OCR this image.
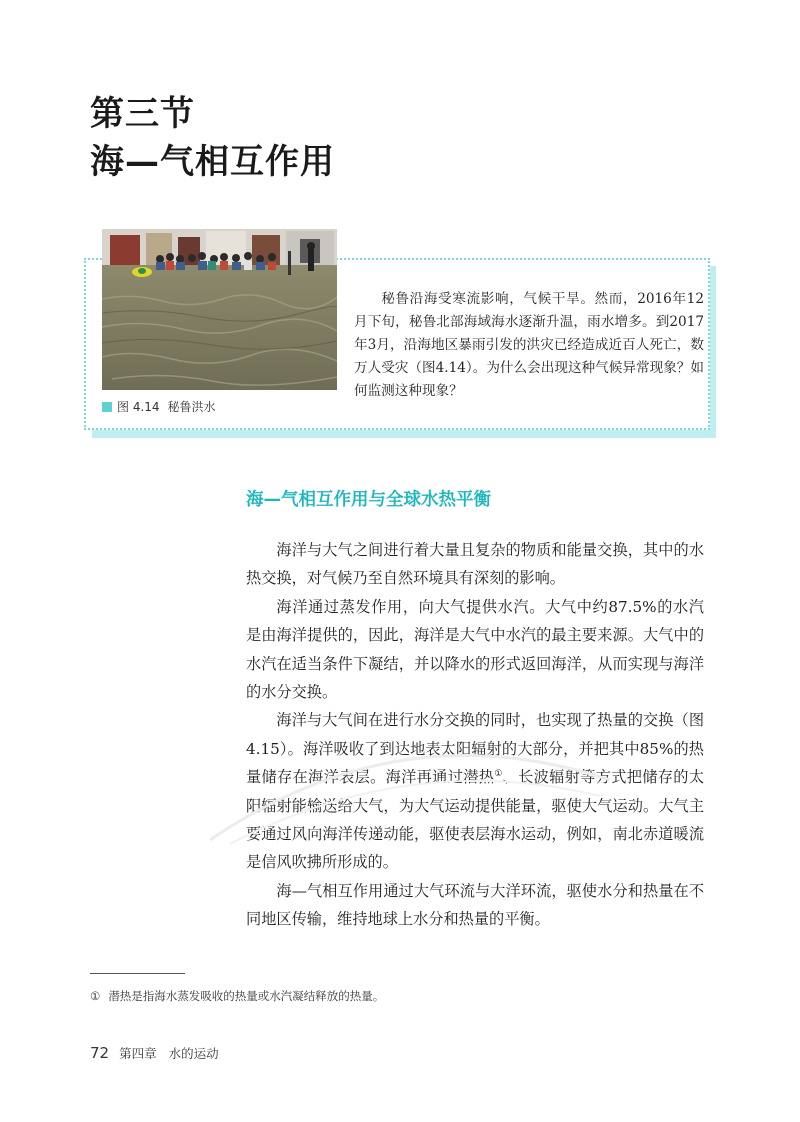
第三节
海—气相互作用
图 4.14 秘鲁洪水
秘鲁沿海受寒流影响，气候干旱。然而，2016年12月下旬，秘鲁北部海域海水逐渐升温，雨水增多。到2017年3月，沿海地区暴雨引发的洪灾已经造成近百人死亡，数万人受灾（图4.14）。为什么会出现这种气候异常现象？如何监测这种现象？
海—气相互作用与全球水热平衡

海洋与大气之间进行着大量且复杂的物质和能量交换，其中的水热交换，对气候乃至自然环境具有深刻的影响。

海洋通过蒸发作用，向大气提供水汽。大气中约87.5%的水汽是由海洋提供的，因此，海洋是大气中水汽的最主要来源。大气中的水汽在适当条件下凝结，并以降水的形式返回海洋，从而实现与海洋的水分交换。

海洋与大气间在进行水分交换的同时，也实现了热量的交换（图4.15）。海洋吸收了到达地表太阳辐射的大部分，并把其中85%的热量储存在海洋表层。海洋再通过潜热①、长波辐射等方式把储存的太阳辐射能输送给大气，为大气运动提供能量，驱使大气运动。大气主要通过风向海洋传递动能，驱使表层海水运动，例如，南北赤道暖流是信风吹拂所形成的。

海—气相互作用通过大气环流与大洋环流，驱使水分和热量在不同地区传输，维持地球上水分和热量的平衡。

① 潜热是指海水蒸发吸收的热量或水汽凝结释放的热量。
72 第四章 水的运动
